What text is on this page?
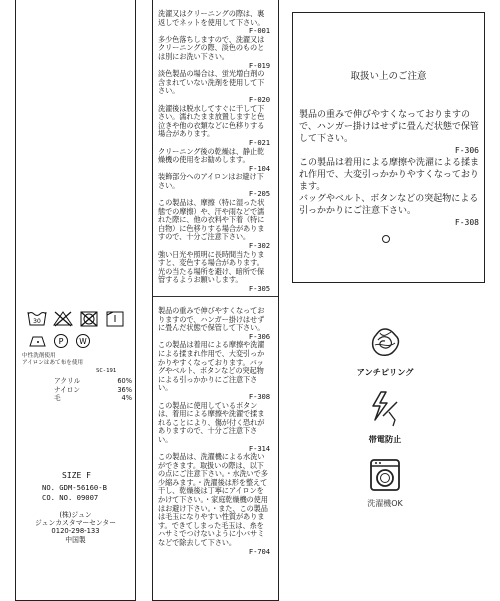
30
P W
中性洗剤使用
アイロンはあて布を使用
SC-191
アクリル	60%
ナイロン	36%
毛	4%
SIZE F
NO. GDM-56160-B
CO. NO. 09007
(株)ジュン
ジュンカスタマーセンター
0120-298-133
中国製
洗濯又はクリーニングの際は、裏返しでネットを使用して下さい。
F-001
多少色落ちしますので、洗濯又はクリーニングの際、淡色のものとは別にお洗い下さい。
F-019
淡色製品の場合は、蛍光増白剤の含まれていない洗剤を使用して下さい。
F-020
洗濯後は脱水してすぐに干して下さい。濡れたまま放置しますと色泣きや他の衣類などに色移りする場合があります。
F-021
クリーニング後の乾燥は、静止乾燥機の使用をお勧めします。
F-104
装飾部分へのアイロンはお避け下さい。
F-205
この製品は、摩擦（特に湿った状態での摩擦）や、汗や雨などで濡れた際に、他の衣料や下着（特に白物）に色移りする場合がありますので、十分ご注意下さい。
F-302
強い日光や照明に長時間当たりますと、変色する場合があります。光の当たる場所を避け、暗所で保管するようお願いします。
F-305
製品の重みで伸びやすくなっておりますので、ハンガー掛けはせずに畳んだ状態で保管して下さい。
F-306
この製品は着用による摩擦や洗濯による揉まれ作用で、大変引っかかりやすくなっております。バッグやベルト、ボタンなどの突起物による引っかかりにご注意下さい。
F-308
この製品に使用しているボタンは、着用による摩擦や洗濯で揉まれることにより、傷が付く恐れがありますので、十分ご注意下さい。
F-314
この製品は、洗濯機による水洗いができます。取扱いの際は、以下の点にご注意下さい。・水洗いで多少縮みます。・洗濯後は形を整えて干し、乾燥後は丁寧にアイロンをかけて下さい。・家庭乾燥機の使用はお避け下さい。・また、この製品は毛玉になりやすい性質があります。できてしまった毛玉は、糸をハサミでつけないように小バサミなどで除去して下さい。
F-704
取扱い上のご注意
製品の重みで伸びやすくなっておりますので、ハンガー掛けはせずに畳んだ状態で保管して下さい。
F-306
この製品は着用による摩擦や洗濯による揉まれ作用で、大変引っかかりやすくなっております。
バッグやベルト、ボタンなどの突起物による引っかかりにご注意下さい。
F-308
アンチピリング
帯電防止
洗濯機OK
